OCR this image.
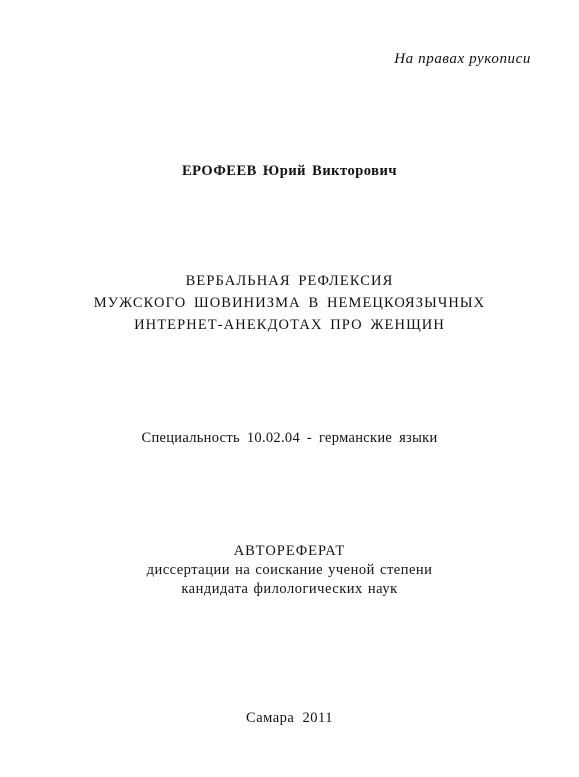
На правах рукописи
ЕРОФЕЕВ Юрий Викторович
ВЕРБАЛЬНАЯ РЕФЛЕКСИЯ
МУЖСКОГО ШОВИНИЗМА В НЕМЕЦКОЯЗЫЧНЫХ
ИНТЕРНЕТ-АНЕКДОТАХ ПРО ЖЕНЩИН
Специальность 10.02.04 - германские языки
АВТОРЕФЕРАТ
диссертации на соискание ученой степени
кандидата филологических наук
Самара 2011
